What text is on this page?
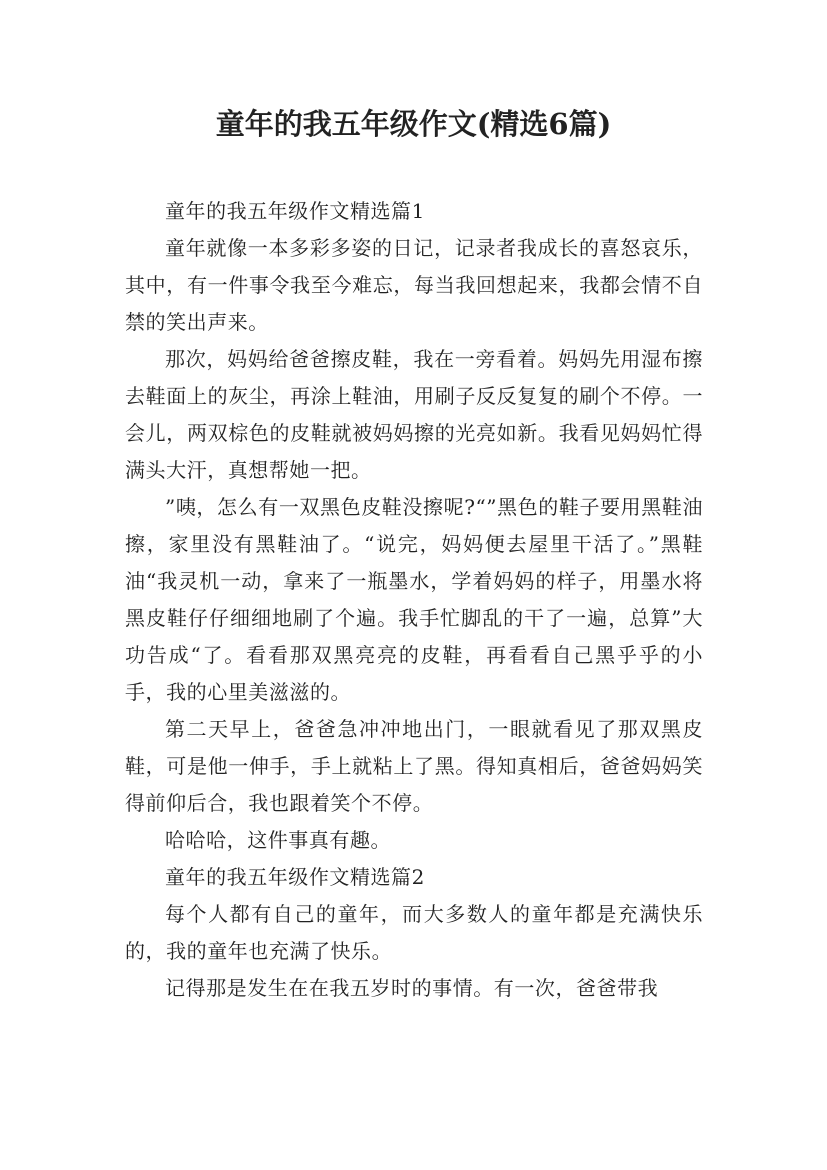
童年的我五年级作文(精选6篇)

童年的我五年级作文精选篇1

童年就像一本多彩多姿的日记，记录者我成长的喜怒哀乐，其中，有一件事令我至今难忘，每当我回想起来，我都会情不自禁的笑出声来。

那次，妈妈给爸爸擦皮鞋，我在一旁看着。妈妈先用湿布擦去鞋面上的灰尘，再涂上鞋油，用刷子反反复复的刷个不停。一会儿，两双棕色的皮鞋就被妈妈擦的光亮如新。我看见妈妈忙得满头大汗，真想帮她一把。

”咦，怎么有一双黑色皮鞋没擦呢?“”黑色的鞋子要用黑鞋油擦，家里没有黑鞋油了。“说完，妈妈便去屋里干活了。”黑鞋油“我灵机一动，拿来了一瓶墨水，学着妈妈的样子，用墨水将黑皮鞋仔仔细细地刷了个遍。我手忙脚乱的干了一遍，总算”大功告成“了。看看那双黑亮亮的皮鞋，再看看自己黑乎乎的小手，我的心里美滋滋的。

第二天早上，爸爸急冲冲地出门，一眼就看见了那双黑皮鞋，可是他一伸手，手上就粘上了黑。得知真相后，爸爸妈妈笑得前仰后合，我也跟着笑个不停。

哈哈哈，这件事真有趣。

童年的我五年级作文精选篇2

每个人都有自己的童年，而大多数人的童年都是充满快乐的，我的童年也充满了快乐。

记得那是发生在在我五岁时的事情。有一次，爸爸带我
